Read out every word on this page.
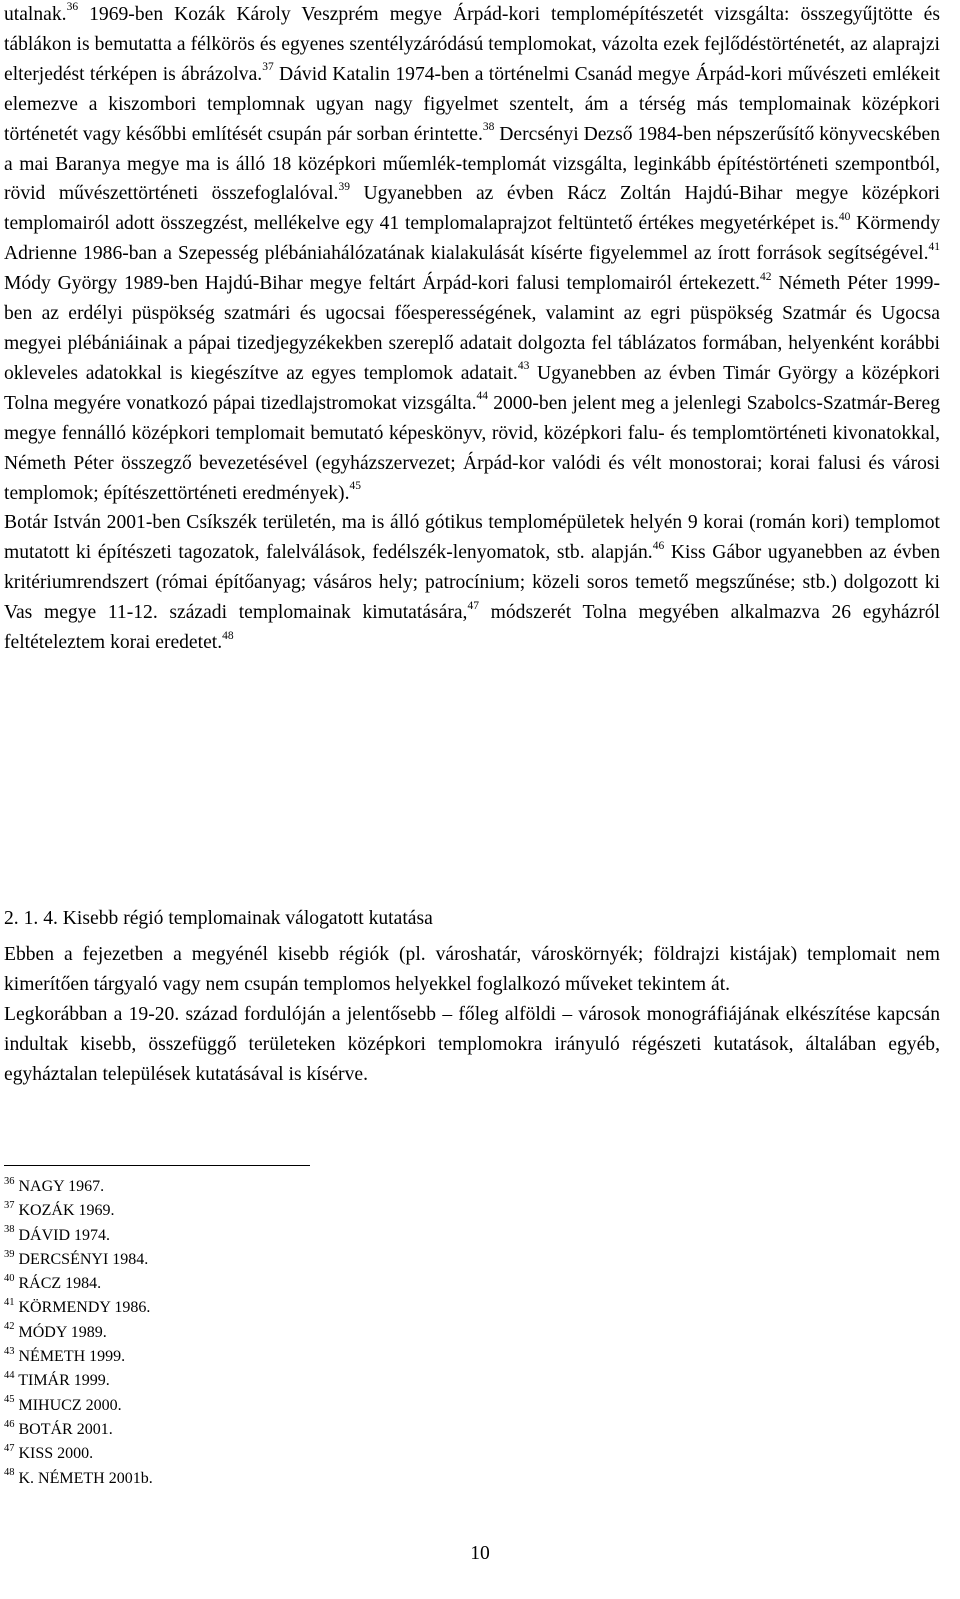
utalnak.$^{36}$ 1969-ben Kozák Károly Veszprém megye Árpád-kori templomépítészetét vizsgálta: összegyűjtötte és táblákon is bemutatta a félkörös és egyenes szentélyzáródású templomokat, vázolta ezek fejlődéstörténetét, az alaprajzi elterjedést térképen is ábrázolva.$^{37}$ Dávid Katalin 1974-ben a történelmi Csanád megye Árpád-kori művészeti emlékeit elemezve a kiszombori templomnak ugyan nagy figyelmet szentelt, ám a térség más templomainak középkori történetét vagy későbbi említését csupán pár sorban érintette.$^{38}$ Dercsényi Dezső 1984-ben népszerűsítő könyvecskében a mai Baranya megye ma is álló 18 középkori műemlék-templomát vizsgálta, leginkább építéstörténeti szempontból, rövid művészettörténeti összefoglalóval.$^{39}$ Ugyanebben az évben Rácz Zoltán Hajdú-Bihar megye középkori templomairól adott összegzést, mellékelve egy 41 templomalaprajzot feltüntető értékes megyetérképet is.$^{40}$ Körmendy Adrienne 1986-ban a Szepesség plébániahálózatának kialakulását kísérte figyelemmel az írott források segítségével.$^{41}$ Módy György 1989-ben Hajdú-Bihar megye feltárt Árpád-kori falusi templomairól értekezett.$^{42}$ Németh Péter 1999-ben az erdélyi püspökség szatmári és ugocsai főesperességének, valamint az egri püspökség Szatmár és Ugocsa megyei plébániáinak a pápai tizedjegyzékekben szereplő adatait dolgozta fel táblázatos formában, helyenként korábbi okleveles adatokkal is kiegészítve az egyes templomok adatait.$^{43}$ Ugyanebben az évben Timár György a középkori Tolna megyére vonatkozó pápai tizedlajstromokat vizsgálta.$^{44}$ 2000-ben jelent meg a jelenlegi Szabolcs-Szatmár-Bereg megye fennálló középkori templomait bemutató képeskönyv, rövid, középkori falu- és templomtörténeti kivonatokkal, Németh Péter összegző bevezetésével (egyházszervezet; Árpád-kor valódi és vélt monostorai; korai falusi és városi templomok; építészettörténeti eredmények).$^{45}$

Botár István 2001-ben Csíkszék területén, ma is álló gótikus templomépületek helyén 9 korai (román kori) templomot mutatott ki építészeti tagozatok, falelválások, fedélszék-lenyomatok, stb. alapján.$^{46}$ Kiss Gábor ugyanebben az évben kritériumrendszert (római építőanyag; vásáros hely; patrocínium; közeli soros temető megszűnése; stb.) dolgozott ki Vas megye 11-12. századi templomainak kimutatására,$^{47}$ módszerét Tolna megyében alkalmazva 26 egyházról feltételeztem korai eredetet.$^{48}$

2. 1. 4. Kisebb régió templomainak válogatott kutatása

Ebben a fejezetben a megyénél kisebb régiók (pl. városhatár, városkörnyék; földrajzi kistájak) templomait nem kimerítően tárgyaló vagy nem csupán templomos helyekkel foglalkozó műveket tekintem át.

Legkorábban a 19-20. század fordulóján a jelentősebb – főleg alföldi – városok monográfiájának elkészítése kapcsán indultak kisebb, összefüggő területeken középkori templomokra irányuló régészeti kutatások, általában egyéb, egyháztalan települések kutatásával is kísérve.

$^{36}$ NAGY 1967.
$^{37}$ KOZÁK 1969.
$^{38}$ DÁVID 1974.
$^{39}$ DERCSÉNYI 1984.
$^{40}$ RÁCZ 1984.
$^{41}$ KÖRMENDY 1986.
$^{42}$ MÓDY 1989.
$^{43}$ NÉMETH 1999.
$^{44}$ TIMÁR 1999.
$^{45}$ MIHUCZ 2000.
$^{46}$ BOTÁR 2001.
$^{47}$ KISS 2000.
$^{48}$ K. NÉMETH 2001b.
10
